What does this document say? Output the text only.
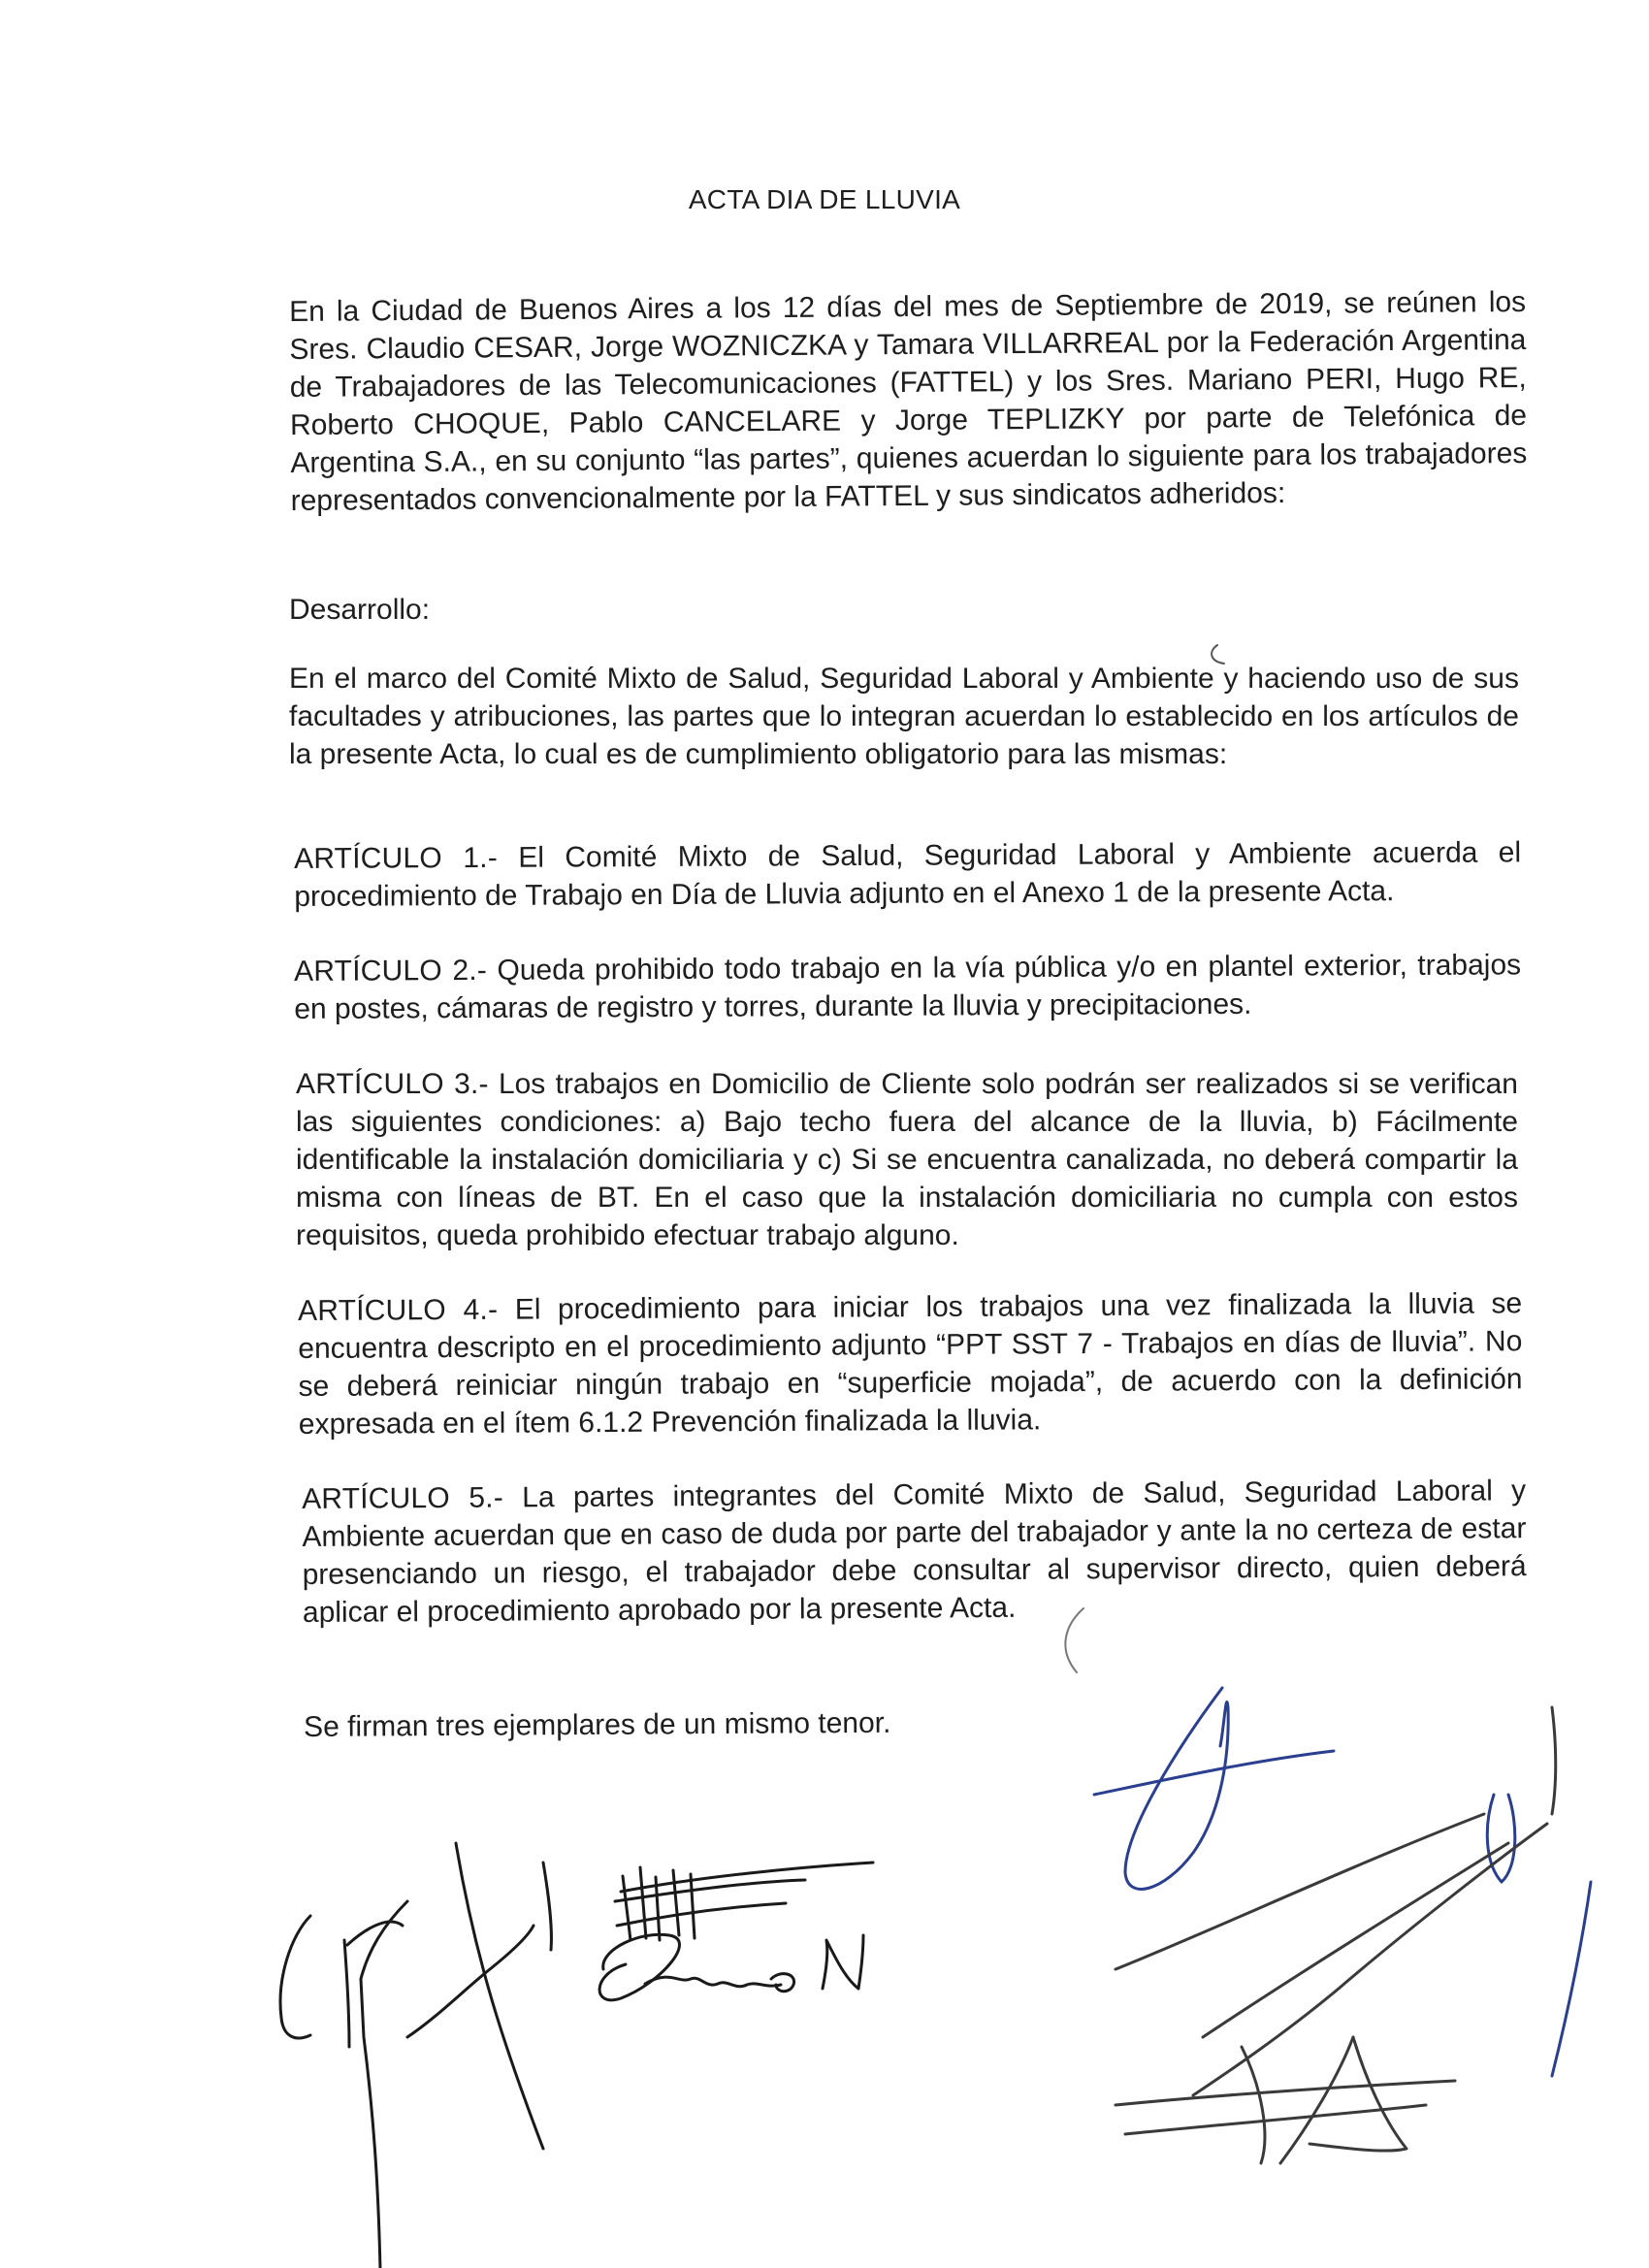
ACTA DIA DE LLUVIA

En la Ciudad de Buenos Aires a los 12 días del mes de Septiembre de 2019, se reúnen los Sres. Claudio CESAR, Jorge WOZNICZKA y Tamara VILLARREAL por la Federación Argentina de Trabajadores de las Telecomunicaciones (FATTEL) y los Sres. Mariano PERI, Hugo RE, Roberto CHOQUE, Pablo CANCELARE y Jorge TEPLIZKY por parte de Telefónica de Argentina S.A., en su conjunto “las partes”, quienes acuerdan lo siguiente para los trabajadores representados convencionalmente por la FATTEL y sus sindicatos adheridos:

Desarrollo:

En el marco del Comité Mixto de Salud, Seguridad Laboral y Ambiente y haciendo uso de sus facultades y atribuciones, las partes que lo integran acuerdan lo establecido en los artículos de la presente Acta, lo cual es de cumplimiento obligatorio para las mismas:

ARTÍCULO 1.- El Comité Mixto de Salud, Seguridad Laboral y Ambiente acuerda el procedimiento de Trabajo en Día de Lluvia adjunto en el Anexo 1 de la presente Acta.

ARTÍCULO 2.- Queda prohibido todo trabajo en la vía pública y/o en plantel exterior, trabajos en postes, cámaras de registro y torres, durante la lluvia y precipitaciones.

ARTÍCULO 3.- Los trabajos en Domicilio de Cliente solo podrán ser realizados si se verifican las siguientes condiciones: a) Bajo techo fuera del alcance de la lluvia, b) Fácilmente identificable la instalación domiciliaria y c) Si se encuentra canalizada, no deberá compartir la misma con líneas de BT. En el caso que la instalación domiciliaria no cumpla con estos requisitos, queda prohibido efectuar trabajo alguno.

ARTÍCULO 4.- El procedimiento para iniciar los trabajos una vez finalizada la lluvia se encuentra descripto en el procedimiento adjunto “PPT SST 7 - Trabajos en días de lluvia”. No se deberá reiniciar ningún trabajo en “superficie mojada”, de acuerdo con la definición expresada en el ítem 6.1.2 Prevención finalizada la lluvia.

ARTÍCULO 5.- La partes integrantes del Comité Mixto de Salud, Seguridad Laboral y Ambiente acuerdan que en caso de duda por parte del trabajador y ante la no certeza de estar presenciando un riesgo, el trabajador debe consultar al supervisor directo, quien deberá aplicar el procedimiento aprobado por la presente Acta.

Se firman tres ejemplares de un mismo tenor.
